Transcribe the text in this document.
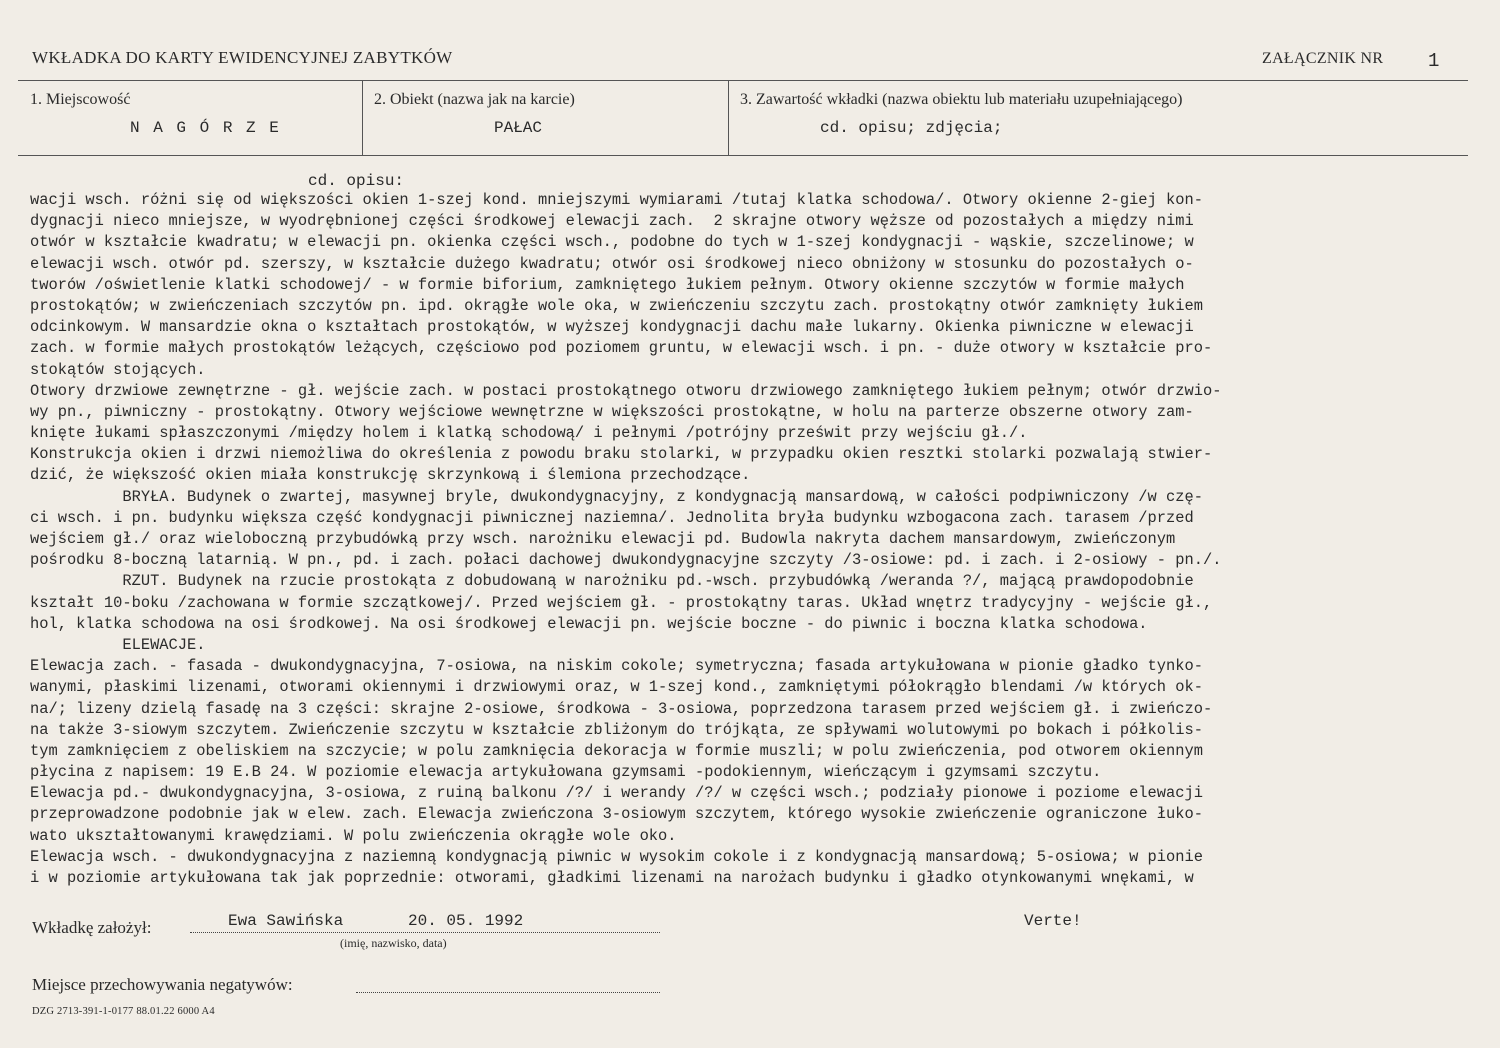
WKŁADKA DO KARTY EWIDENCYJNEJ ZABYTKÓW	ZAŁĄCZNIK NR 1
1. Miejscowość
N A G Ó R Z E
2. Obiekt (nazwa jak na karcie)
PAŁAC
3. Zawartość wkładki (nazwa obiektu lub materiału uzupełniającego)
cd. opisu; zdjęcia;
cd. opisu:
wacji wsch. różni się od większości okien 1-szej kond. mniejszymi wymiarami /tutaj klatka schodowa/. Otwory okienne 2-giej kon-
dygnacji nieco mniejsze, w wyodrębnionej części środkowej elewacji zach.  2 skrajne otwory węższe od pozostałych a między nimi
otwór w kształcie kwadratu; w elewacji pn. okienka części wsch., podobne do tych w 1-szej kondygnacji - wąskie, szczelinowe; w
elewacji wsch. otwór pd. szerszy, w kształcie dużego kwadratu; otwór osi środkowej nieco obniżony w stosunku do pozostałych o-
tworów /oświetlenie klatki schodowej/ - w formie biforium, zamkniętego łukiem pełnym. Otwory okienne szczytów w formie małych
prostokątów; w zwieńczeniach szczytów pn. ipd. okrągłe wole oka, w zwieńczeniu szczytu zach. prostokątny otwór zamknięty łukiem
odcinkowym. W mansardzie okna o kształtach prostokątów, w wyższej kondygnacji dachu małe lukarny. Okienka piwniczne w elewacji
zach. w formie małych prostokątów leżących, częściowo pod poziomem gruntu, w elewacji wsch. i pn. - duże otwory w kształcie pro-
stokątów stojących.
Otwory drzwiowe zewnętrzne - gł. wejście zach. w postaci prostokątnego otworu drzwiowego zamkniętego łukiem pełnym; otwór drzwio-
wy pn., piwniczny - prostokątny. Otwory wejściowe wewnętrzne w większości prostokątne, w holu na parterze obszerne otwory zam-
knięte łukami spłaszczonymi /między holem i klatką schodową/ i pełnymi /potrójny prześwit przy wejściu gł./.
Konstrukcja okien i drzwi niemożliwa do określenia z powodu braku stolarki, w przypadku okien resztki stolarki pozwalają stwier-
dzić, że większość okien miała konstrukcję skrzynkową i ślemiona przechodzące.
BRYŁA. Budynek o zwartej, masywnej bryle, dwukondygnacyjny, z kondygnacją mansardową, w całości podpiwniczony /w czę-
ci wsch. i pn. budynku większa część kondygnacji piwnicznej naziemna/. Jednolita bryła budynku wzbogacona zach. tarasem /przed
wejściem gł./ oraz wieloboczną przybudówką przy wsch. narożniku elewacji pd. Budowla nakryta dachem mansardowym, zwieńczonym
pośrodku 8-boczną latarnią. W pn., pd. i zach. połaci dachowej dwukondygnacyjne szczyty /3-osiowe: pd. i zach. i 2-osiowy - pn./.
RZUT. Budynek na rzucie prostokąta z dobudowaną w narożniku pd.-wsch. przybudówką /weranda ?/, mającą prawdopodobnie
kształt 10-boku /zachowana w formie szczątkowej/. Przed wejściem gł. - prostokątny taras. Układ wnętrz tradycyjny - wejście gł.,
hol, klatka schodowa na osi środkowej. Na osi środkowej elewacji pn. wejście boczne - do piwnic i boczna klatka schodowa.
ELEWACJE.
Elewacja zach. - fasada - dwukondygnacyjna, 7-osiowa, na niskim cokole; symetryczna; fasada artykułowana w pionie gładko tynko-
wanymi, płaskimi lizenami, otworami okiennymi i drzwiowymi oraz, w 1-szej kond., zamkniętymi półokrągło blendami /w których ok-
na/; lizeny dzielą fasadę na 3 części: skrajne 2-osiowe, środkowa - 3-osiowa, poprzedzona tarasem przed wejściem gł. i zwieńczo-
na także 3-siowym szczytem. Zwieńczenie szczytu w kształcie zbliżonym do trójkąta, ze spływami wolutowymi po bokach i półkolis-
tym zamknięciem z obeliskiem na szczycie; w polu zamknięcia dekoracja w formie muszli; w polu zwieńczenia, pod otworem okiennym
płycina z napisem: 19 E.B 24. W poziomie elewacja artykułowana gzymsami -podokiennym, wieńczącym i gzymsami szczytu.
Elewacja pd.- dwukondygnacyjna, 3-osiowa, z ruiną balkonu /?/ i werandy /?/ w części wsch.; podziały pionowe i poziome elewacji
przeprowadzone podobnie jak w elew. zach. Elewacja zwieńczona 3-osiowym szczytem, którego wysokie zwieńczenie ograniczone łuko-
wato ukształtowanymi krawędziami. W polu zwieńczenia okrągłe wole oko.
Elewacja wsch. - dwukondygnacyjna z naziemną kondygnacją piwnic w wysokim cokole i z kondygnacją mansardową; 5-osiowa; w pionie
i w poziomie artykułowana tak jak poprzednie: otworami, gładkimi lizenami na narożach budynku i gładko otynkowanymi wnękami, w
Wkładkę założył:	Ewa Sawińska	20. 05. 1992
(imię, nazwisko, data)
Verte!
Miejsce przechowywania negatywów:
DZG 2713-391-1-0177 88.01.22 6000 A4
